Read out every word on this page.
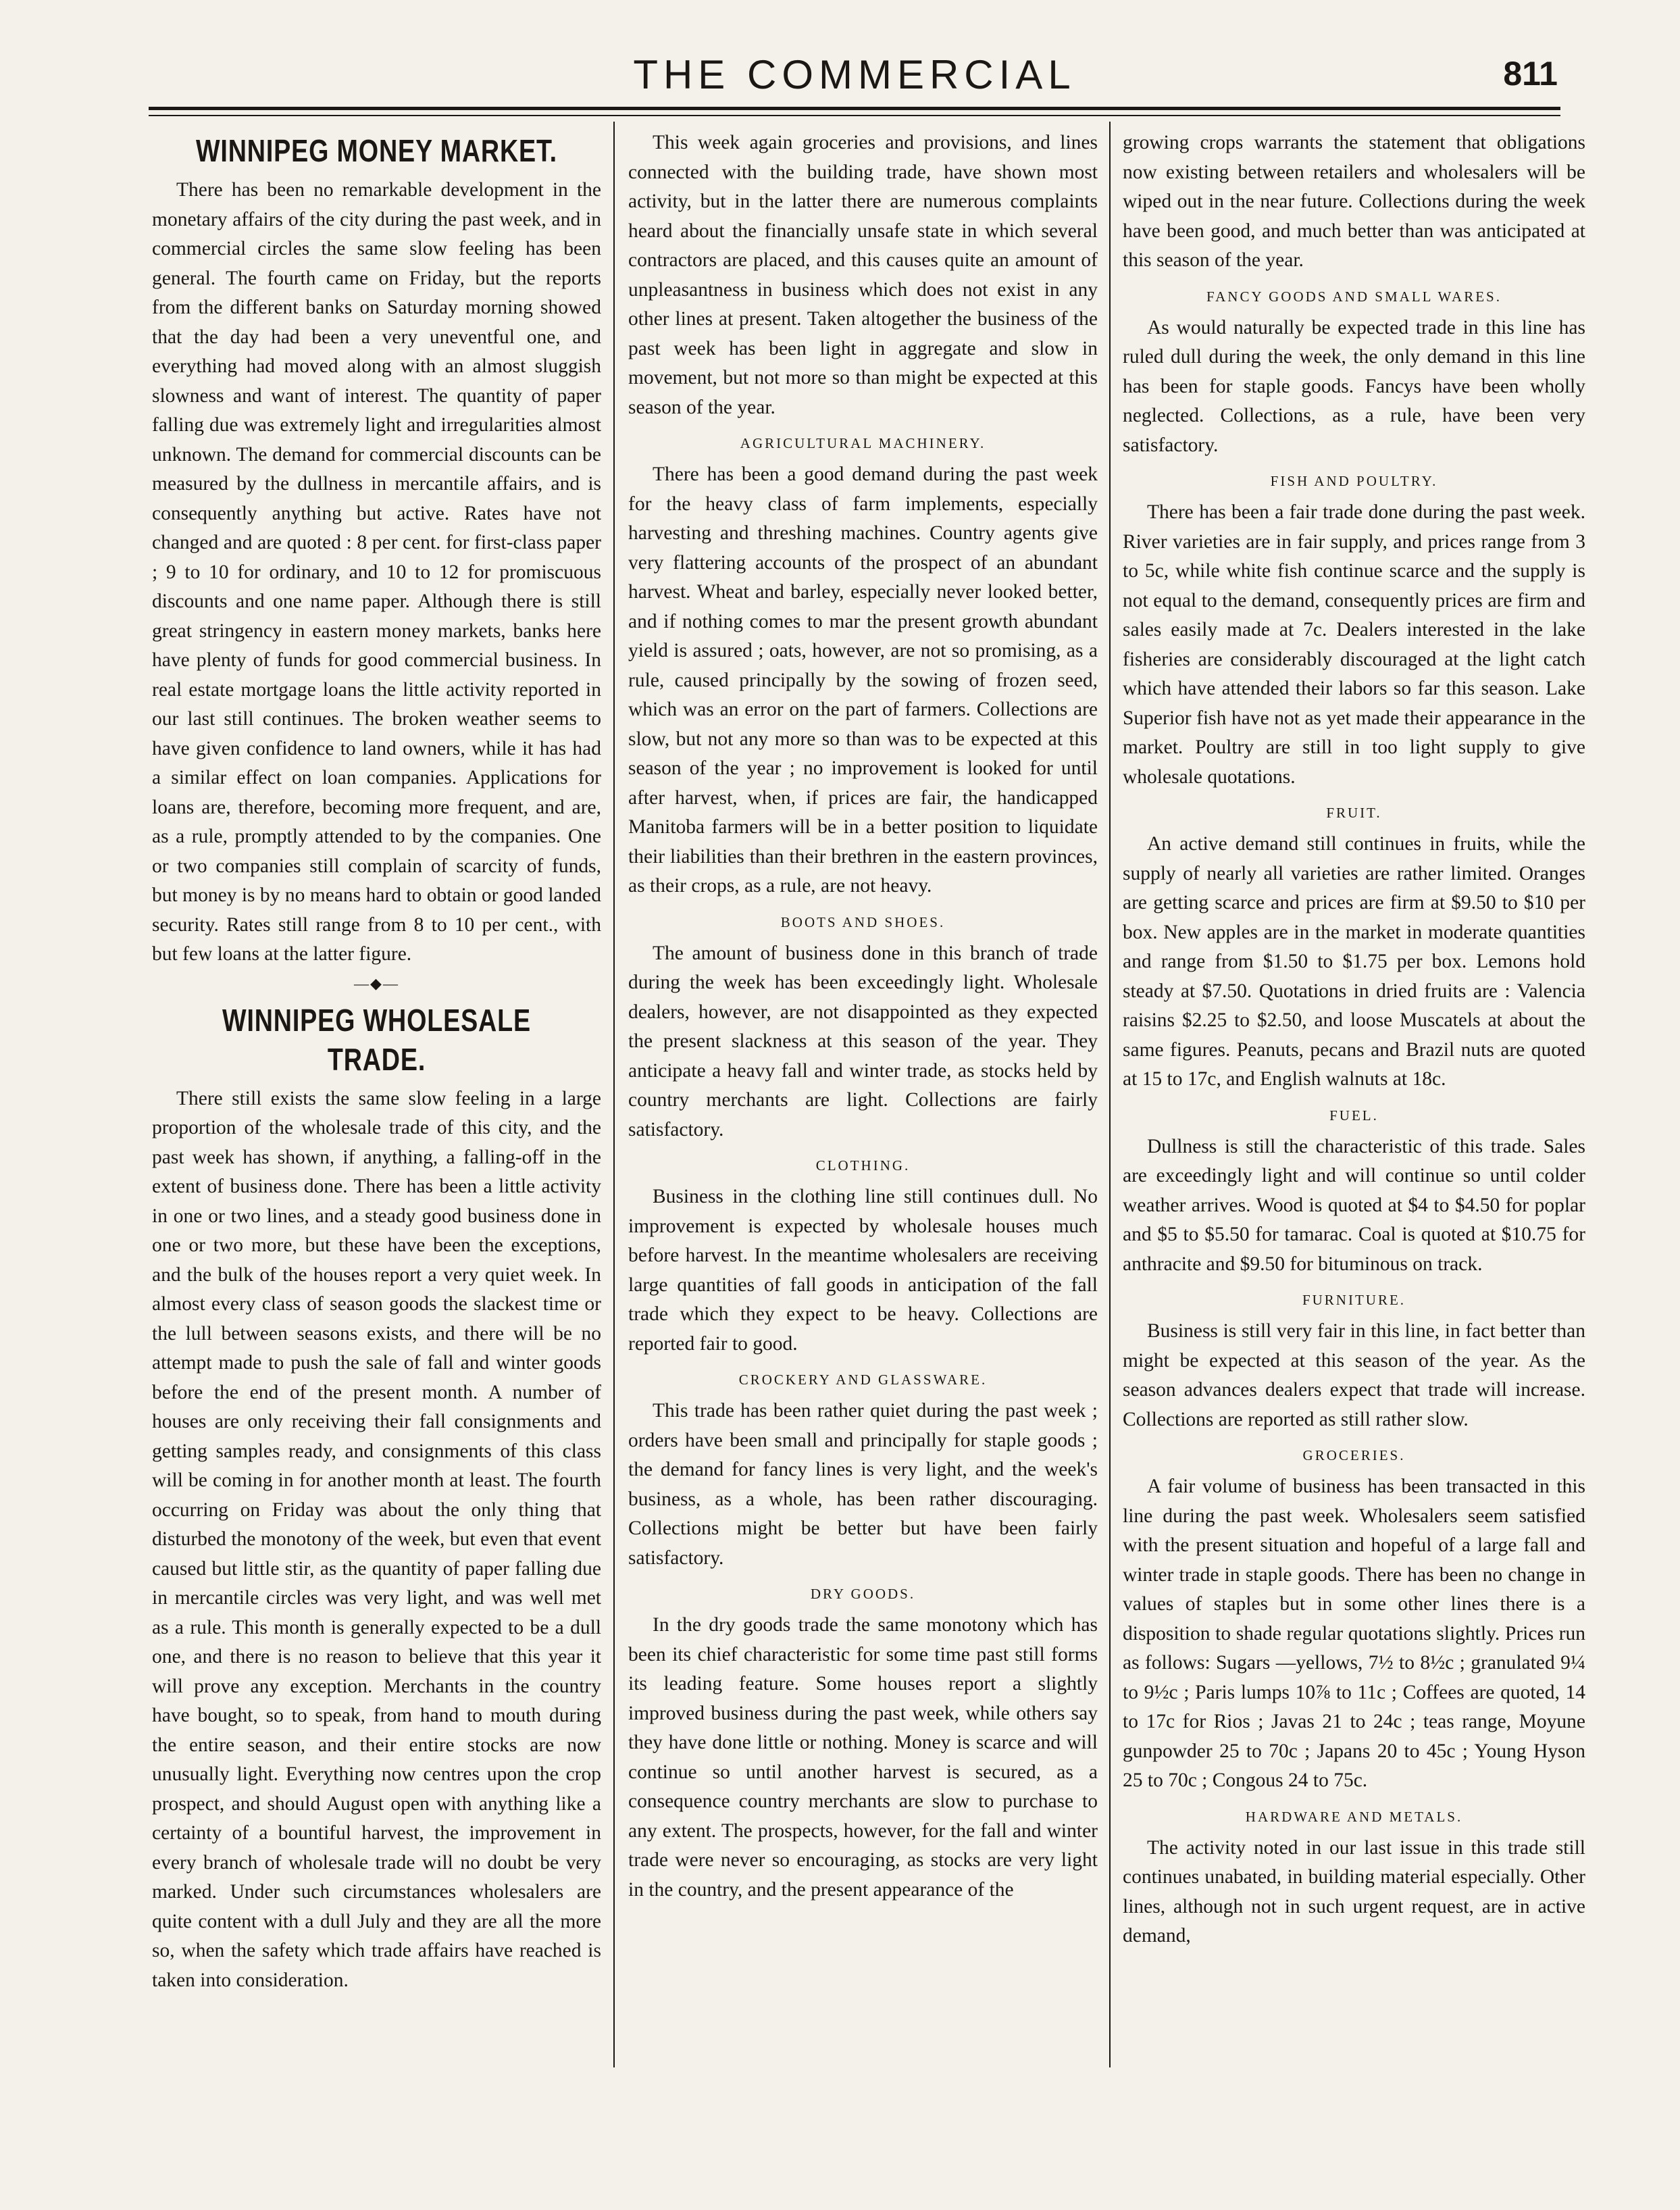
THE COMMERCIAL	811
WINNIPEG MONEY MARKET.

There has been no remarkable development in the monetary affairs of the city during the past week, and in commercial circles the same slow feeling has been general. The fourth came on Friday, but the reports from the different banks on Saturday morning showed that the day had been a very uneventful one, and everything had moved along with an almost sluggish slowness and want of interest. The quantity of paper falling due was extremely light and irregularities almost unknown. The demand for commercial discounts can be measured by the dullness in mercantile affairs, and is consequently anything but active. Rates have not changed and are quoted : 8 per cent. for first-class paper ; 9 to 10 for ordinary, and 10 to 12 for promiscuous discounts and one name paper. Although there is still great stringency in eastern money markets, banks here have plenty of funds for good commercial business. In real estate mortgage loans the little activity reported in our last still continues. The broken weather seems to have given confidence to land owners, while it has had a similar effect on loan companies. Applications for loans are, therefore, becoming more frequent, and are, as a rule, promptly attended to by the companies. One or two companies still complain of scarcity of funds, but money is by no means hard to obtain or good landed security. Rates still range from 8 to 10 per cent., with but few loans at the latter figure.

—◆—
WINNIPEG WHOLESALE TRADE.

There still exists the same slow feeling in a large proportion of the wholesale trade of this city, and the past week has shown, if anything, a falling-off in the extent of business done. There has been a little activity in one or two lines, and a steady good business done in one or two more, but these have been the exceptions, and the bulk of the houses report a very quiet week. In almost every class of season goods the slackest time or the lull between seasons exists, and there will be no attempt made to push the sale of fall and winter goods before the end of the present month. A number of houses are only receiving their fall consignments and getting samples ready, and consignments of this class will be coming in for another month at least. The fourth occurring on Friday was about the only thing that disturbed the monotony of the week, but even that event caused but little stir, as the quantity of paper falling due in mercantile circles was very light, and was well met as a rule. This month is generally expected to be a dull one, and there is no reason to believe that this year it will prove any exception. Merchants in the country have bought, so to speak, from hand to mouth during the entire season, and their entire stocks are now unusually light. Everything now centres upon the crop prospect, and should August open with anything like a certainty of a bountiful harvest, the improvement in every branch of wholesale trade will no doubt be very marked. Under such circumstances wholesalers are quite content with a dull July and they are all the more so, when the safety which trade affairs have reached is taken into consideration.

This week again groceries and provisions, and lines connected with the building trade, have shown most activity, but in the latter there are numerous complaints heard about the financially unsafe state in which several contractors are placed, and this causes quite an amount of unpleasantness in business which does not exist in any other lines at present. Taken altogether the business of the past week has been light in aggregate and slow in movement, but not more so than might be expected at this season of the year.

AGRICULTURAL MACHINERY.

There has been a good demand during the past week for the heavy class of farm implements, especially harvesting and threshing machines. Country agents give very flattering accounts of the prospect of an abundant harvest. Wheat and barley, especially never looked better, and if nothing comes to mar the present growth abundant yield is assured ; oats, however, are not so promising, as a rule, caused principally by the sowing of frozen seed, which was an error on the part of farmers. Collections are slow, but not any more so than was to be expected at this season of the year ; no improvement is looked for until after harvest, when, if prices are fair, the handicapped Manitoba farmers will be in a better position to liquidate their liabilities than their brethren in the eastern provinces, as their crops, as a rule, are not heavy.

BOOTS AND SHOES.

The amount of business done in this branch of trade during the week has been exceedingly light. Wholesale dealers, however, are not disappointed as they expected the present slackness at this season of the year. They anticipate a heavy fall and winter trade, as stocks held by country merchants are light. Collections are fairly satisfactory.

CLOTHING.

Business in the clothing line still continues dull. No improvement is expected by wholesale houses much before harvest. In the meantime wholesalers are receiving large quantities of fall goods in anticipation of the fall trade which they expect to be heavy. Collections are reported fair to good.

CROCKERY AND GLASSWARE.

This trade has been rather quiet during the past week ; orders have been small and principally for staple goods ; the demand for fancy lines is very light, and the week's business, as a whole, has been rather discouraging. Collections might be better but have been fairly satisfactory.

DRY GOODS.

In the dry goods trade the same monotony which has been its chief characteristic for some time past still forms its leading feature. Some houses report a slightly improved business during the past week, while others say they have done little or nothing. Money is scarce and will continue so until another harvest is secured, as a consequence country merchants are slow to purchase to any extent. The prospects, however, for the fall and winter trade were never so encouraging, as stocks are very light in the country, and the present appearance of the

growing crops warrants the statement that obligations now existing between retailers and wholesalers will be wiped out in the near future. Collections during the week have been good, and much better than was anticipated at this season of the year.

FANCY GOODS AND SMALL WARES.

As would naturally be expected trade in this line has ruled dull during the week, the only demand in this line has been for staple goods. Fancys have been wholly neglected. Collections, as a rule, have been very satisfactory.

FISH AND POULTRY.

There has been a fair trade done during the past week. River varieties are in fair supply, and prices range from 3 to 5c, while white fish continue scarce and the supply is not equal to the demand, consequently prices are firm and sales easily made at 7c. Dealers interested in the lake fisheries are considerably discouraged at the light catch which have attended their labors so far this season. Lake Superior fish have not as yet made their appearance in the market. Poultry are still in too light supply to give wholesale quotations.

FRUIT.

An active demand still continues in fruits, while the supply of nearly all varieties are rather limited. Oranges are getting scarce and prices are firm at $9.50 to $10 per box. New apples are in the market in moderate quantities and range from $1.50 to $1.75 per box. Lemons hold steady at $7.50. Quotations in dried fruits are : Valencia raisins $2.25 to $2.50, and loose Muscatels at about the same figures. Peanuts, pecans and Brazil nuts are quoted at 15 to 17c, and English walnuts at 18c.

FUEL.

Dullness is still the characteristic of this trade. Sales are exceedingly light and will continue so until colder weather arrives. Wood is quoted at $4 to $4.50 for poplar and $5 to $5.50 for tamarac. Coal is quoted at $10.75 for anthracite and $9.50 for bituminous on track.

FURNITURE.

Business is still very fair in this line, in fact better than might be expected at this season of the year. As the season advances dealers expect that trade will increase. Collections are reported as still rather slow.

GROCERIES.

A fair volume of business has been transacted in this line during the past week. Wholesalers seem satisfied with the present situation and hopeful of a large fall and winter trade in staple goods. There has been no change in values of staples but in some other lines there is a disposition to shade regular quotations slightly. Prices run as follows: Sugars —yellows, 7½ to 8½c ; granulated 9¼ to 9½c ; Paris lumps 10⅞ to 11c ; Coffees are quoted, 14 to 17c for Rios ; Javas 21 to 24c ; teas range, Moyune gunpowder 25 to 70c ; Japans 20 to 45c ; Young Hyson 25 to 70c ; Congous 24 to 75c.

HARDWARE AND METALS.

The activity noted in our last issue in this trade still continues unabated, in building material especially. Other lines, although not in such urgent request, are in active demand,
